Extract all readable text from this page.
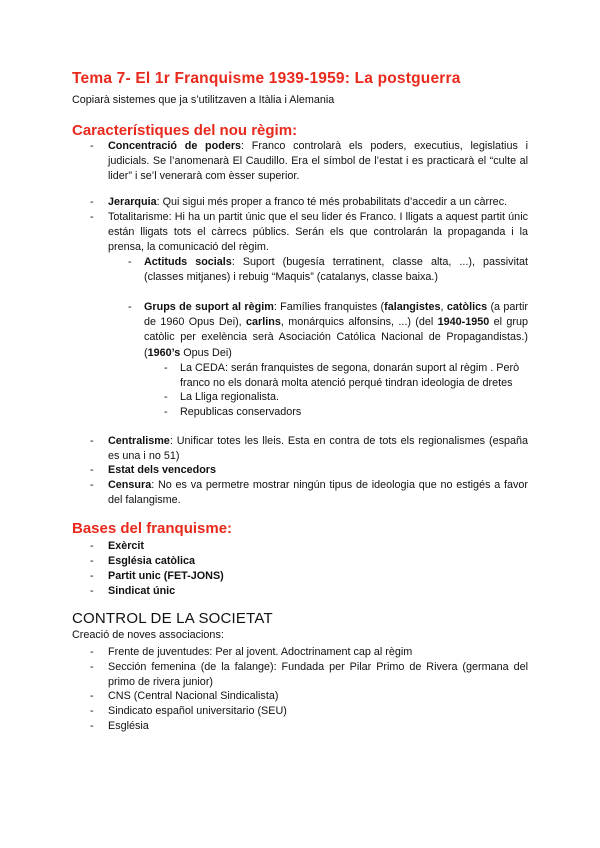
Tema 7- El 1r Franquisme 1939-1959: La postguerra
Copiarà sistemes que ja s’utilitzaven a Itàlia i Alemania
Característiques del nou règim:
- Concentració de poders: Franco controlarà els poders, executius, legislatius i judicials. Se l’anomenarà El Caudillo. Era el símbol de l’estat i es practicarà el “culte al lider” i se’l venerarà com èsser superior.
- Jerarquia: Qui sigui més proper a franco té més probabilitats d’accedir a un càrrec.
- Totalitarisme: Hi ha un partit únic que el seu lider és Franco. I lligats a aquest partit únic están lligats tots el càrrecs públics. Serán els que controlarán la propaganda i la prensa, la comunicació del règim.
- Actituds socials: Suport (bugesía terratinent, classe alta, ...), passivitat (classes mitjanes) i rebuig “Maquis” (catalanys, classe baixa.)
- Grups de suport al règim: Famílies franquistes (falangistes, catòlics (a partir de 1960 Opus Dei), carlins, monárquics alfonsins, ...) (del 1940-1950 el grup catòlic per exelència serà Asociación Católica Nacional de Propagandistas.) (1960’s Opus Dei)
- La CEDA: serán franquistes de segona, donarán suport al règim . Però franco no els donarà molta atenció perqué tindran ideologia de dretes
- La Lliga regionalista.
- Republicas conservadors
- Centralisme: Unificar totes les lleis. Esta en contra de tots els regionalismes (españa es una i no 51)
- Estat dels vencedors
- Censura: No es va permetre mostrar ningún tipus de ideologia que no estigés a favor del falangisme.
Bases del franquisme:
- Exèrcit
- Església catòlica
- Partit unic (FET-JONS)
- Sindicat únic
CONTROL DE LA SOCIETAT
Creació de noves associacions:
- Frente de juventudes: Per al jovent. Adoctrinament cap al règim
- Sección femenina (de la falange): Fundada per Pilar Primo de Rivera (germana del primo de rivera junior)
- CNS (Central Nacional Sindicalista)
- Sindicato español universitario (SEU)
- Església
